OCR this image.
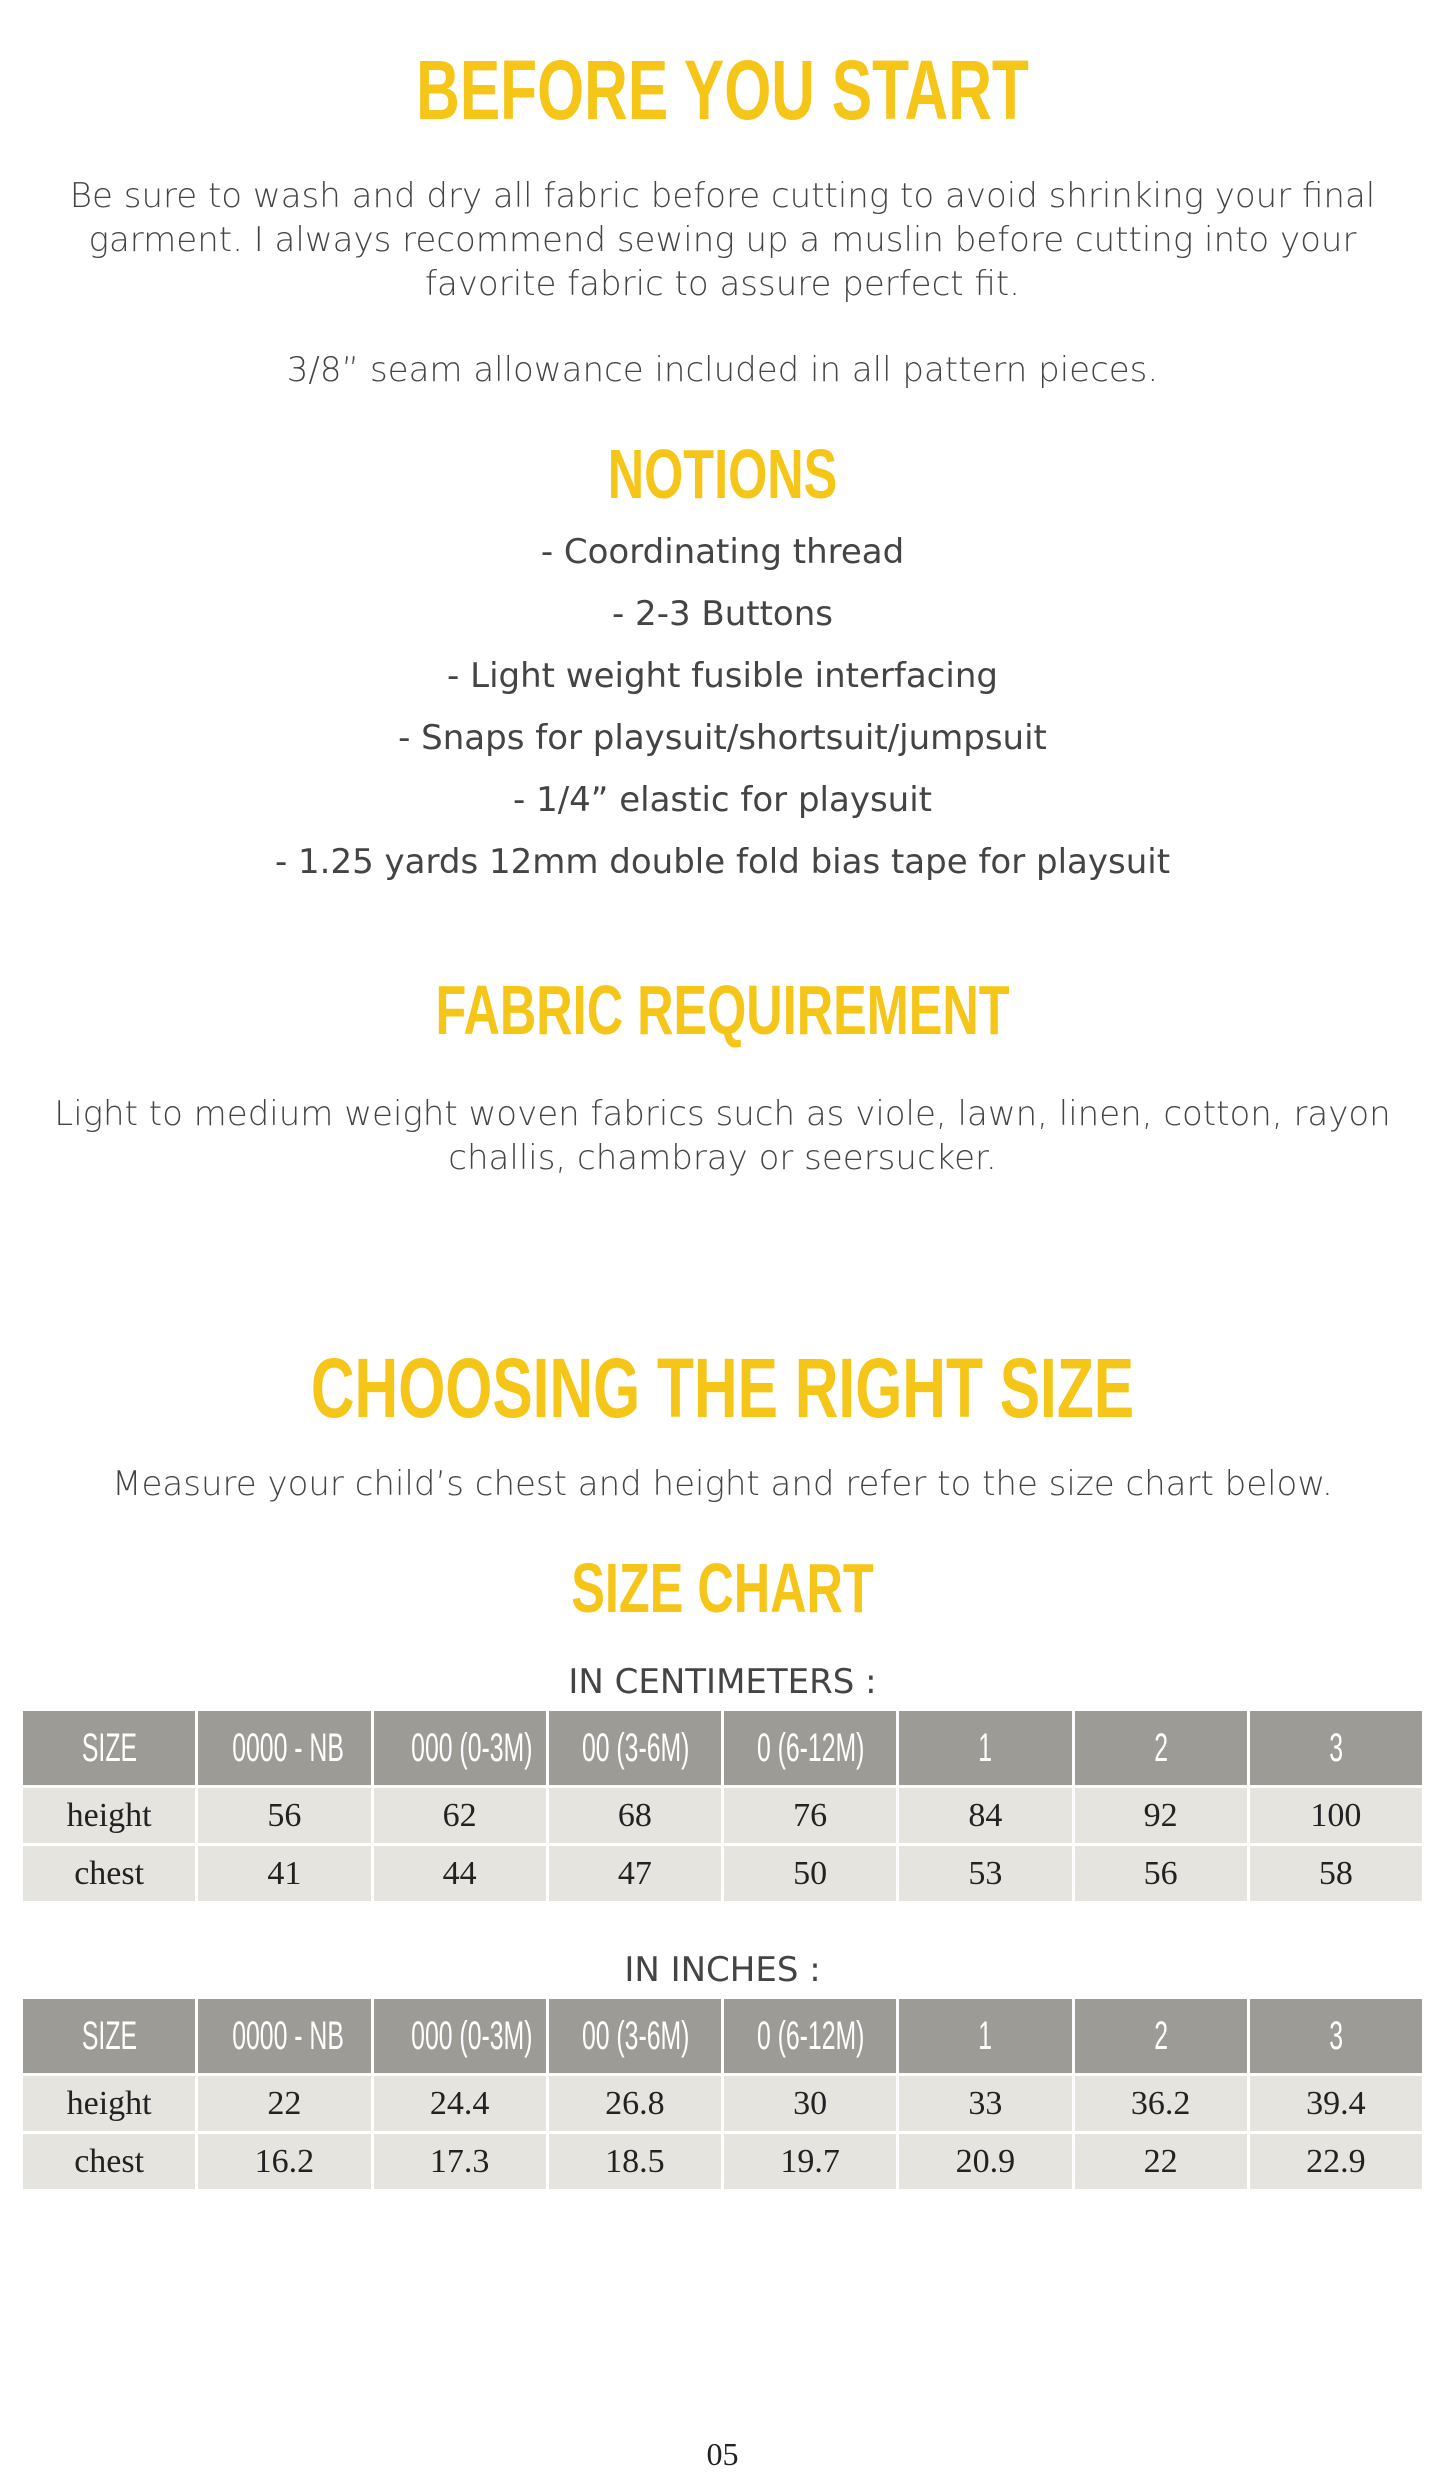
BEFORE YOU START

Be sure to wash and dry all fabric before cutting to avoid shrinking your final
garment. I always recommend sewing up a muslin before cutting into your
favorite fabric to assure perfect fit.

3/8” seam allowance included in all pattern pieces.

NOTIONS
- Coordinating thread
- 2-3 Buttons
- Light weight fusible interfacing
- Snaps for playsuit/shortsuit/jumpsuit
- 1/4” elastic for playsuit
- 1.25 yards 12mm double fold bias tape for playsuit
FABRIC REQUIREMENT

Light to medium weight woven fabrics such as viole, lawn, linen, cotton, rayon
challis, chambray or seersucker.

CHOOSING THE RIGHT SIZE

Measure your child’s chest and height and refer to the size chart below.

SIZE CHART

IN CENTIMETERS :

SIZE	0000 - NB	000 (0-3M)	00 (3-6M)	0 (6-12M)	1	2	3
height	56	62	68	76	84	92	100
chest	41	44	47	50	53	56	58

IN INCHES :

SIZE	0000 - NB	000 (0-3M)	00 (3-6M)	0 (6-12M)	1	2	3
height	22	24.4	26.8	30	33	36.2	39.4
chest	16.2	17.3	18.5	19.7	20.9	22	22.9
05
